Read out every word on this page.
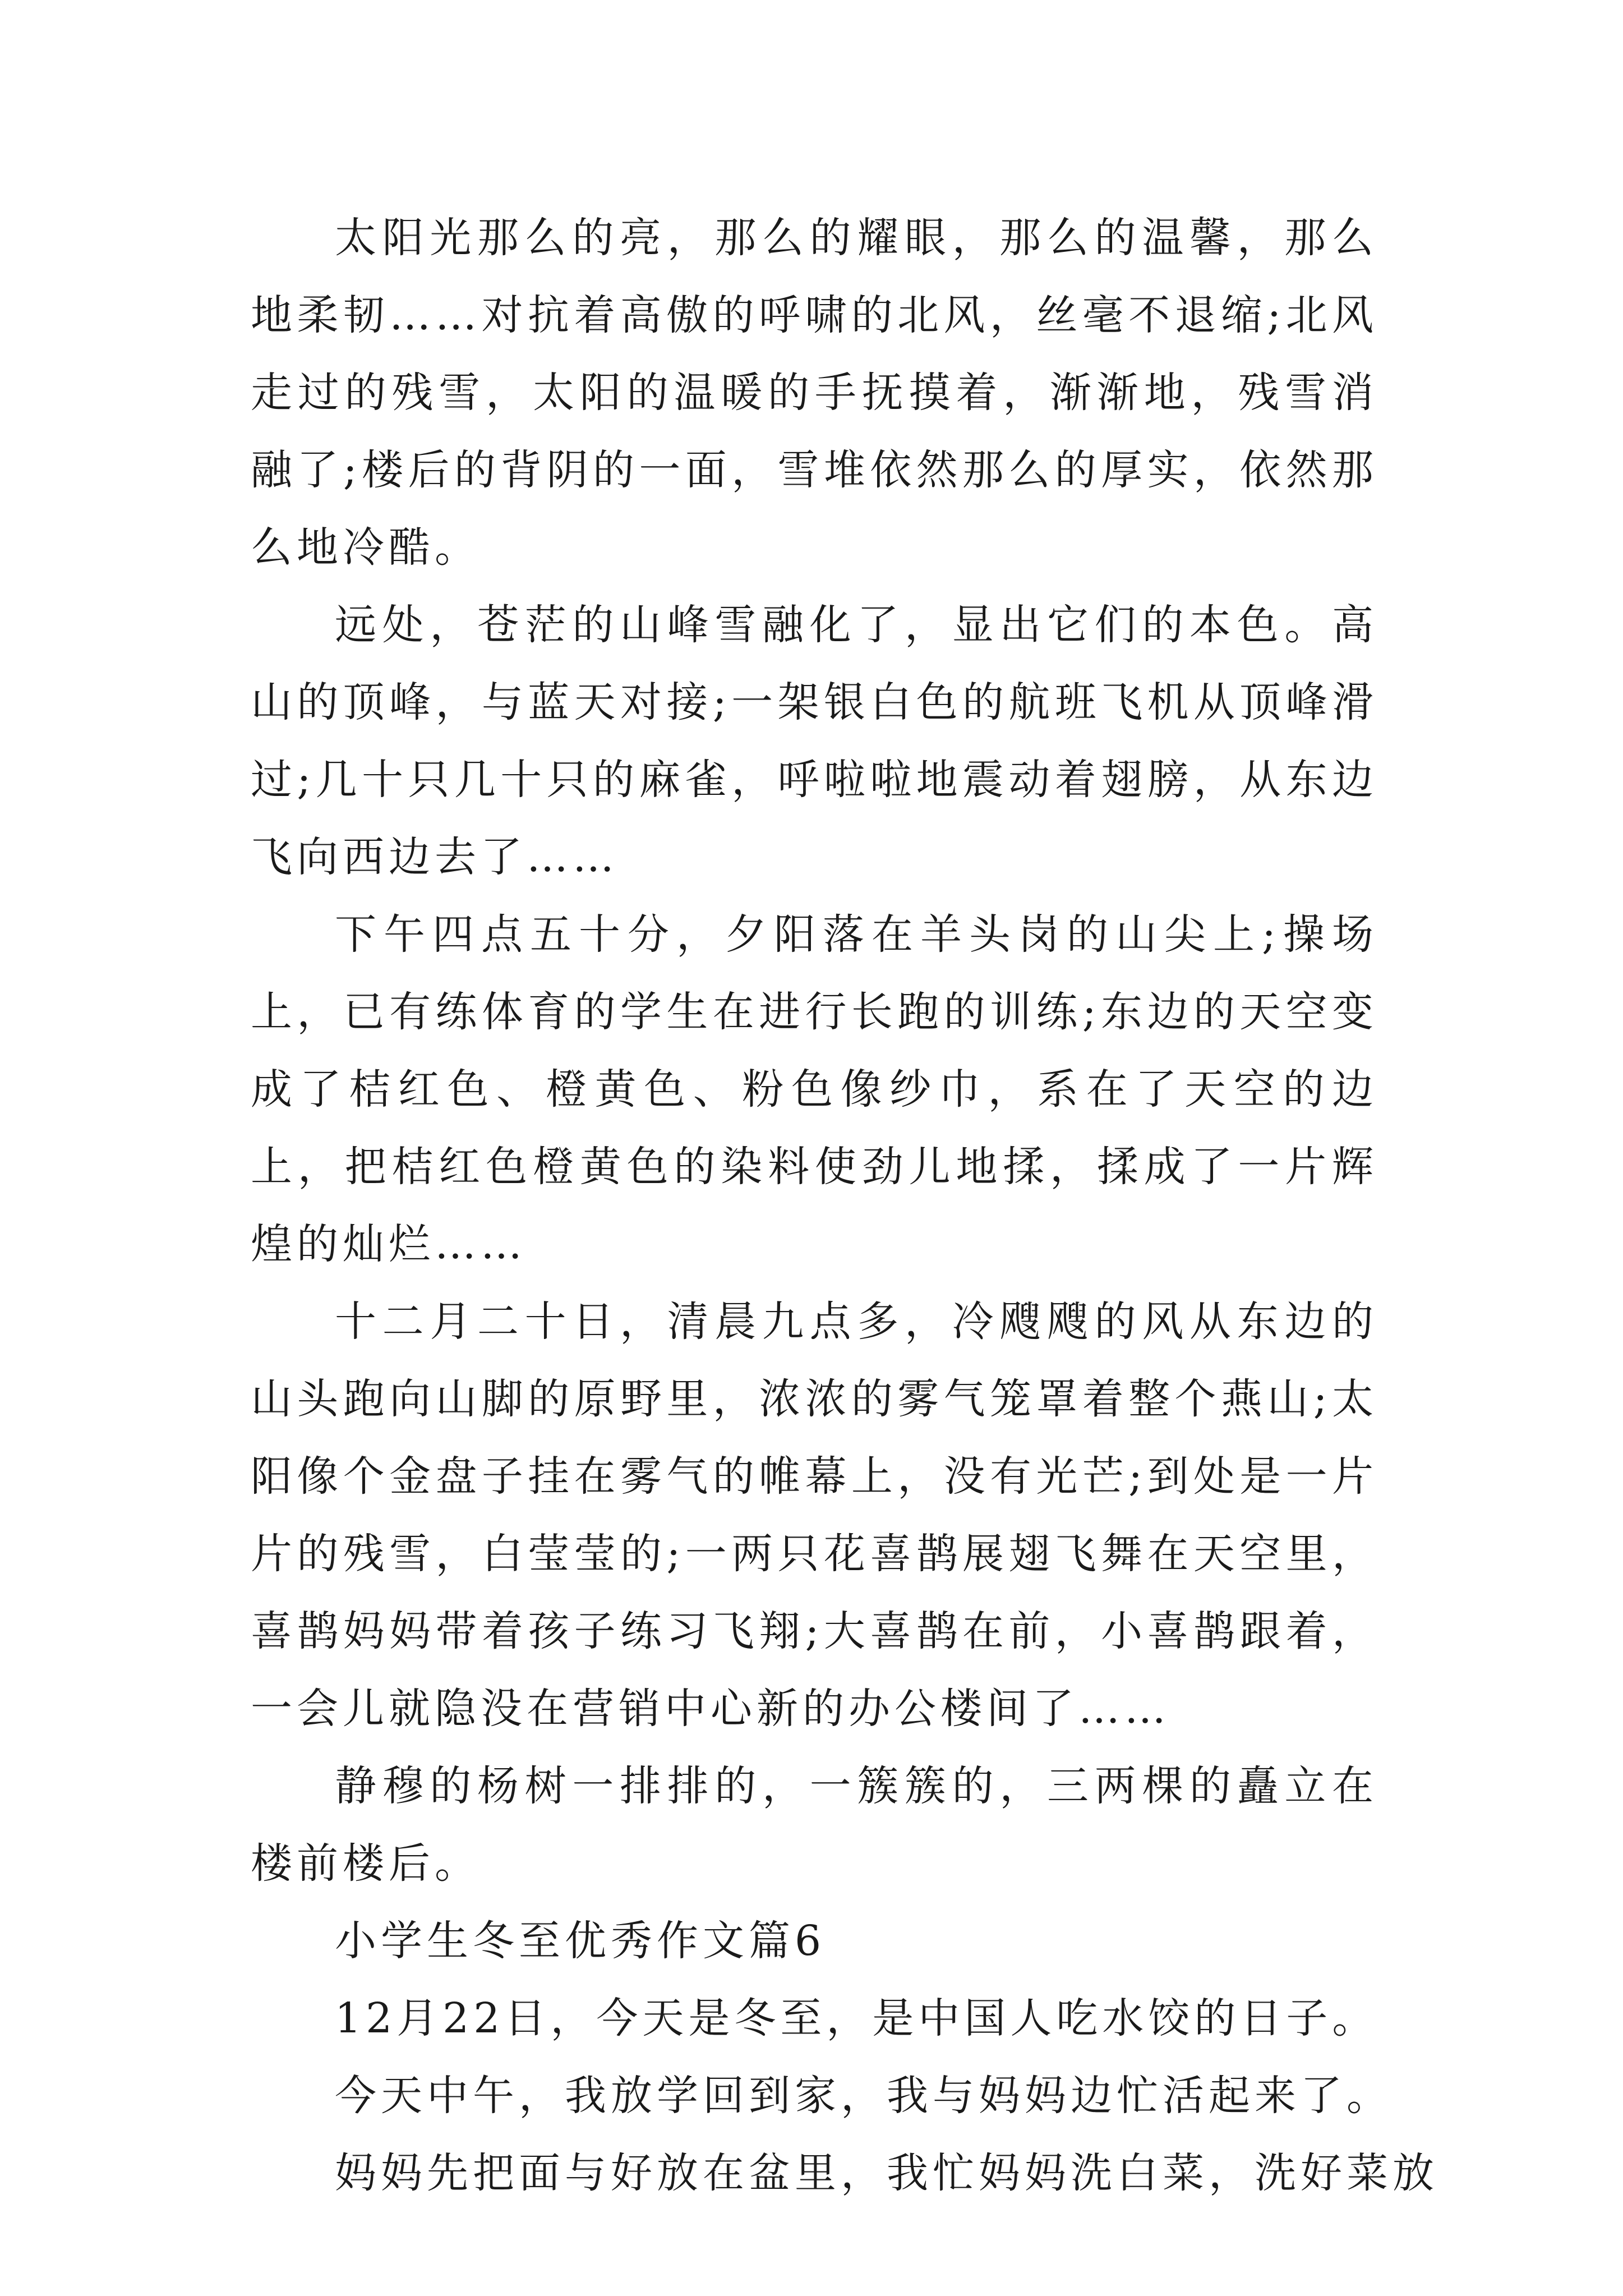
太阳光那么的亮，那么的耀眼，那么的温馨，那么地柔韧……对抗着高傲的呼啸的北风，丝毫不退缩;北风走过的残雪，太阳的温暖的手抚摸着，渐渐地，残雪消融了;楼后的背阴的一面，雪堆依然那么的厚实，依然那么地冷酷。

远处，苍茫的山峰雪融化了，显出它们的本色。高山的顶峰，与蓝天对接;一架银白色的航班飞机从顶峰滑过;几十只几十只的麻雀，呼啦啦地震动着翅膀，从东边飞向西边去了……

下午四点五十分，夕阳落在羊头岗的山尖上;操场上，已有练体育的学生在进行长跑的训练;东边的天空变成了桔红色、橙黄色、粉色像纱巾，系在了天空的边上，把桔红色橙黄色的染料使劲儿地揉，揉成了一片辉煌的灿烂……

十二月二十日，清晨九点多，冷飕飕的风从东边的山头跑向山脚的原野里，浓浓的雾气笼罩着整个燕山;太阳像个金盘子挂在雾气的帷幕上，没有光芒;到处是一片片的残雪，白莹莹的;一两只花喜鹊展翅飞舞在天空里，喜鹊妈妈带着孩子练习飞翔;大喜鹊在前，小喜鹊跟着，一会儿就隐没在营销中心新的办公楼间了……

静穆的杨树一排排的，一簇簇的，三两棵的矗立在楼前楼后。

小学生冬至优秀作文篇6

12月22日，今天是冬至，是中国人吃水饺的日子。

今天中午，我放学回到家，我与妈妈边忙活起来了。

妈妈先把面与好放在盆里，我忙妈妈洗白菜，洗好菜放
